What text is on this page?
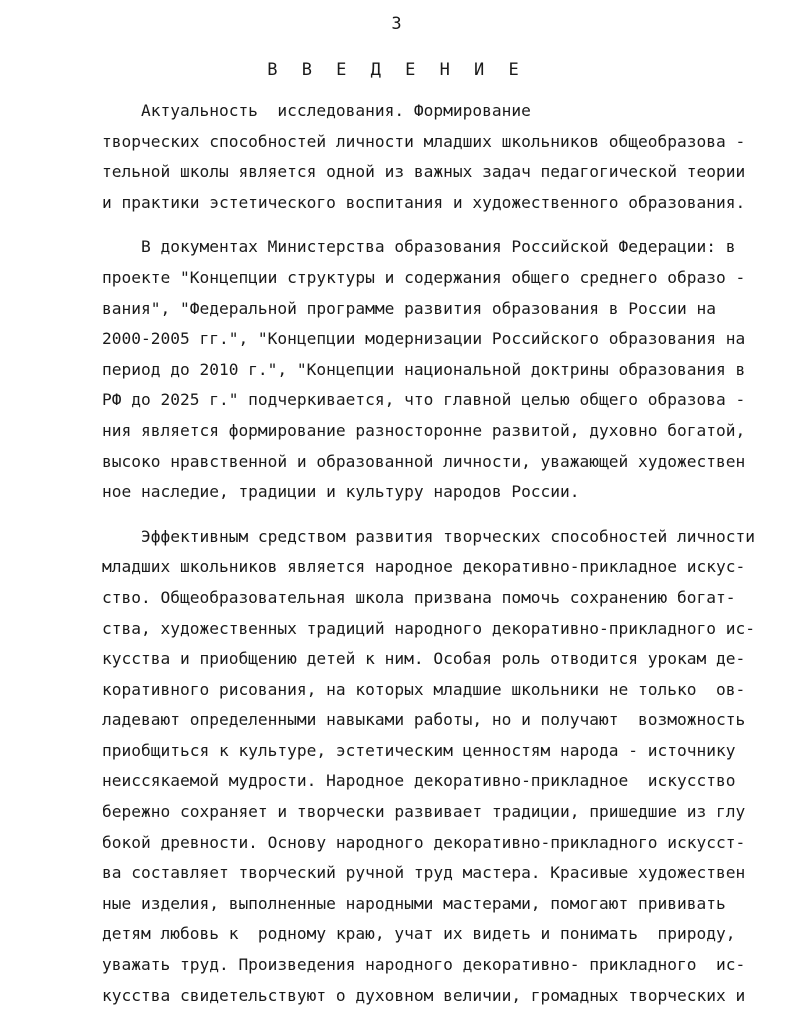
3
В В Е Д Е Н И Е
Актуальность  исследования. Формирование
творческих способностей личности младших школьников общеобразова -
тельной школы является одной из важных задач педагогической теории
и практики эстетического воспитания и художественного образования.
В документах Министерства образования Российской Федерации: в
проекте "Концепции структуры и содержания общего среднего образо -
вания", "Федеральной программе развития образования в России на
2000-2005 гг.", "Концепции модернизации Российского образования на
период до 2010 г.", "Концепции национальной доктрины образования в
РФ до 2025 г." подчеркивается, что главной целью общего образова -
ния является формирование разносторонне развитой, духовно богатой,
высоко нравственной и образованной личности, уважающей художествен
ное наследие, традиции и культуру народов России.
Эффективным средством развития творческих способностей личности
младших школьников является народное декоративно-прикладное искус-
ство. Общеобразовательная школа призвана помочь сохранению богат-
ства, художественных традиций народного декоративно-прикладного ис-
кусства и приобщению детей к ним. Особая роль отводится урокам де-
коративного рисования, на которых младшие школьники не только  ов-
ладевают определенными навыками работы, но и получают  возможность
приобщиться к культуре, эстетическим ценностям народа - источнику
неиссякаемой мудрости. Народное декоративно-прикладное  искусство
бережно сохраняет и творчески развивает традиции, пришедшие из глу
бокой древности. Основу народного декоративно-прикладного искусст-
ва составляет творческий ручной труд мастера. Красивые художествен
ные изделия, выполненные народными мастерами, помогают прививать
детям любовь к  родному краю, учат их видеть и понимать  природу,
уважать труд. Произведения народного декоративно- прикладного  ис-
кусства свидетельствуют о духовном величии, громадных творческих и
